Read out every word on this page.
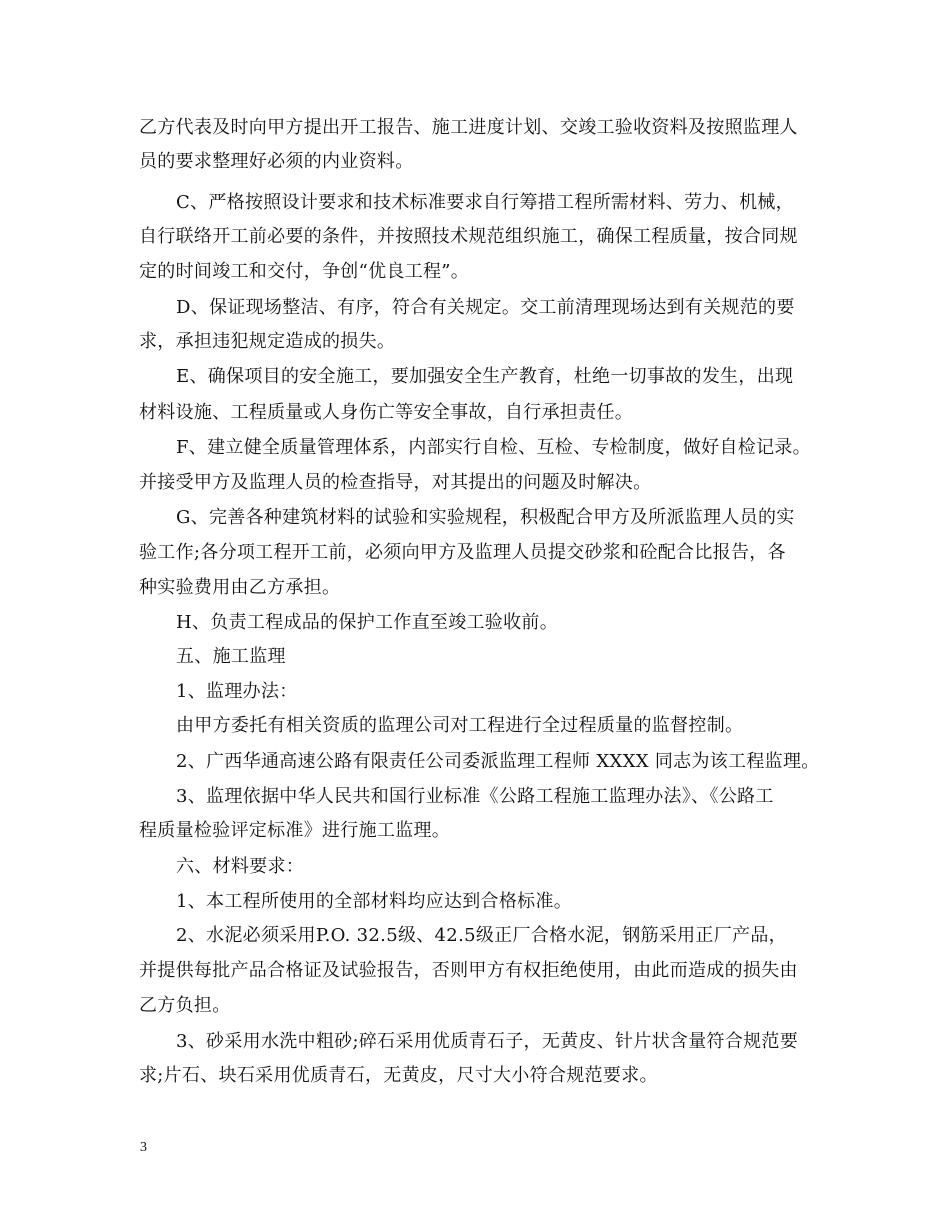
乙方代表及时向甲方提出开工报告、施工进度计划、交竣工验收资料及按照监理人
员的要求整理好必须的内业资料。
C、严格按照设计要求和技术标准要求自行筹措工程所需材料、劳力、机械，
自行联络开工前必要的条件，并按照技术规范组织施工，确保工程质量，按合同规
定的时间竣工和交付，争创“优良工程”。
D、保证现场整洁、有序，符合有关规定。交工前清理现场达到有关规范的要
求，承担违犯规定造成的损失。
E、确保项目的安全施工，要加强安全生产教育，杜绝一切事故的发生，出现
材料设施、工程质量或人身伤亡等安全事故，自行承担责任。
F、建立健全质量管理体系，内部实行自检、互检、专检制度，做好自检记录。
并接受甲方及监理人员的检查指导，对其提出的问题及时解决。
G、完善各种建筑材料的试验和实验规程，积极配合甲方及所派监理人员的实
验工作;各分项工程开工前，必须向甲方及监理人员提交砂浆和砼配合比报告，各
种实验费用由乙方承担。
H、负责工程成品的保护工作直至竣工验收前。
五、施工监理
1、监理办法：
由甲方委托有相关资质的监理公司对工程进行全过程质量的监督控制。
2、广西华通高速公路有限责任公司委派监理工程师 XXXX 同志为该工程监理。
3、监理依据中华人民共和国行业标准《公路工程施工监理办法》、《公路工
程质量检验评定标准》进行施工监理。
六、材料要求：
1、本工程所使用的全部材料均应达到合格标准。
2、水泥必须采用P.O. 32.5级、42.5级正厂合格水泥，钢筋采用正厂产品，
并提供每批产品合格证及试验报告，否则甲方有权拒绝使用，由此而造成的损失由
乙方负担。
3、砂采用水洗中粗砂;碎石采用优质青石子，无黄皮、针片状含量符合规范要
求;片石、块石采用优质青石，无黄皮，尺寸大小符合规范要求。
3
